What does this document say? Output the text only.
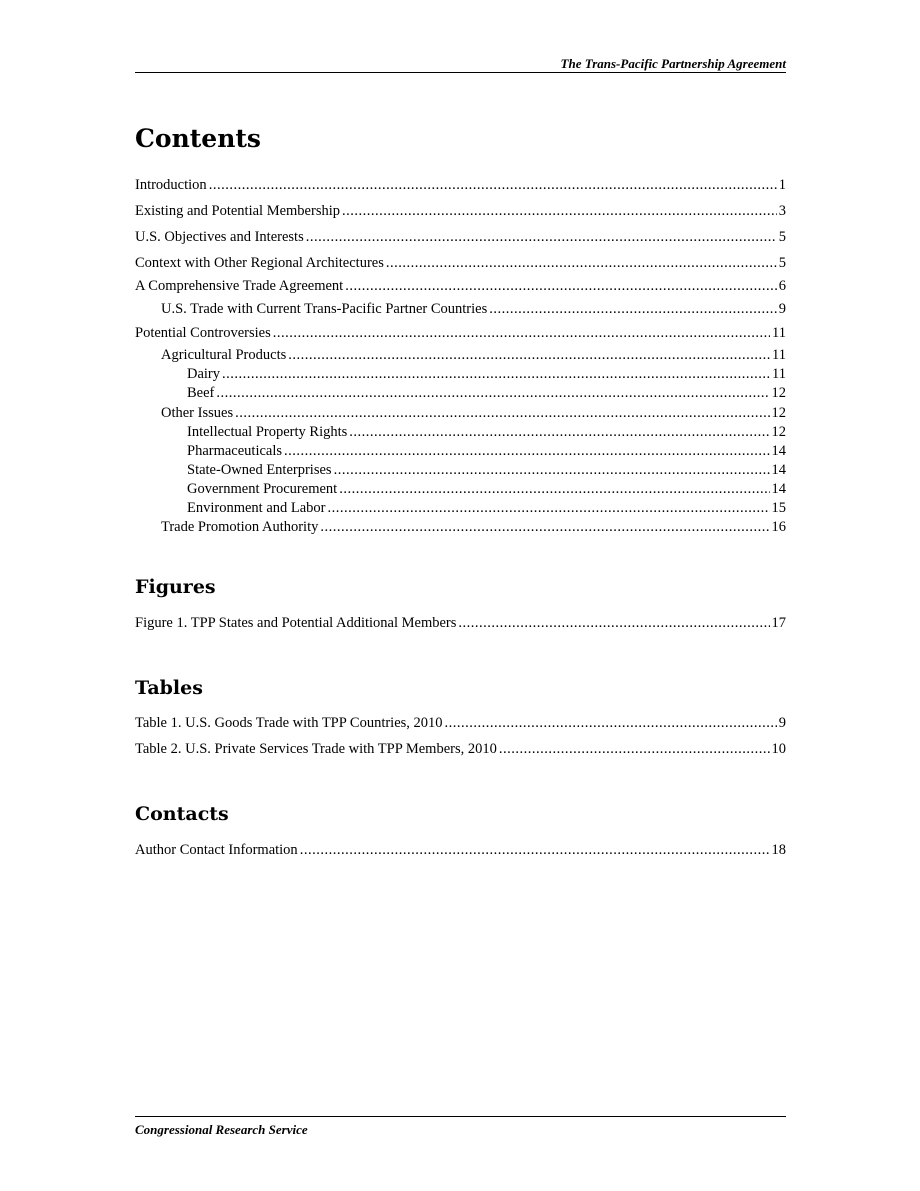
The Trans-Pacific Partnership Agreement
Contents
Introduction .....	1
Existing and Potential Membership .....	3
U.S. Objectives and Interests .....	5
Context with Other Regional Architectures .....	5
A Comprehensive Trade Agreement .....	6
U.S. Trade with Current Trans-Pacific Partner Countries .....	9
Potential Controversies .....	11
Agricultural Products .....	11
Dairy .....	11
Beef .....	12
Other Issues .....	12
Intellectual Property Rights .....	12
Pharmaceuticals .....	14
State-Owned Enterprises .....	14
Government Procurement .....	14
Environment and Labor .....	15
Trade Promotion Authority .....	16
Figures
Figure 1. TPP States and Potential Additional Members .....	17
Tables
Table 1. U.S. Goods Trade with TPP Countries, 2010 .....	9
Table 2. U.S. Private Services Trade with TPP Members, 2010 .....	10
Contacts
Author Contact Information .....	18
Congressional Research Service
